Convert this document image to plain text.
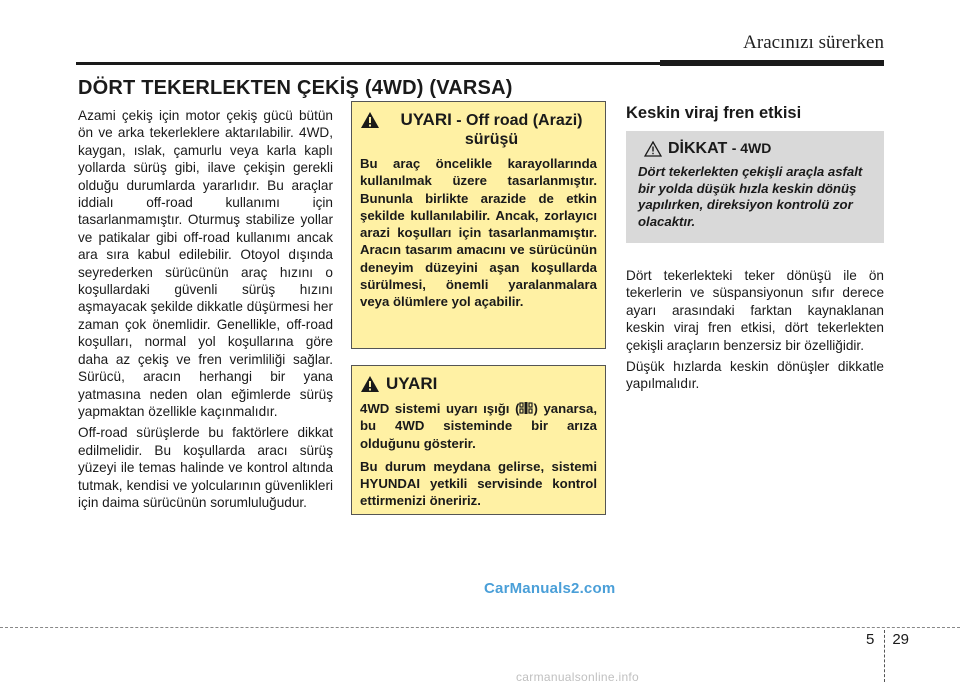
Aracınızı sürerken
DÖRT TEKERLEKTEN ÇEKİŞ (4WD) (VARSA)

Azami çekiş için motor çekiş gücü bütün ön ve arka tekerleklere aktarılabilir. 4WD, kaygan, ıslak, çamurlu veya karla kaplı yollarda sürüş gibi, ilave çekişin gerekli olduğu durumlarda yararlıdır. Bu araçlar iddialı off-road kullanımı için tasarlanmamıştır. Oturmuş stabilize yollar ve patikalar gibi off-road kullanımı ancak ara sıra kabul edilebilir. Otoyol dışında seyrederken sürücünün araç hızını o koşullardaki güvenli sürüş hızını aşmayacak şekilde dikkatle düşürmesi her zaman çok önemlidir. Genellikle, off-road koşulları, normal yol koşullarına göre daha az çekiş ve fren verimliliği sağlar. Sürücü, aracın herhangi bir yana yatmasına neden olan eğimlerde sürüş yapmaktan özellikle kaçınmalıdır.

Off-road sürüşlerde bu faktörlere dikkat edilmelidir. Bu koşullarda aracı sürüş yüzeyi ile temas halinde ve kontrol altında tutmak, kendisi ve yolcularının güvenlikleri için daima sürücünün sorumluluğudur.

UYARI - Off road (Arazi) sürüşü

Bu araç öncelikle karayollarında kullanılmak üzere tasarlanmıştır. Bununla birlikte arazide de etkin şekilde kullanılabilir. Ancak, zorlayıcı arazi koşulları için tasarlanmamıştır. Aracın tasarım amacını ve sürücünün deneyim düzeyini aşan koşullarda sürülmesi, önemli yaralanmalara veya ölümlere yol açabilir.

UYARI

4WD sistemi uyarı ışığı ( ) yanarsa, bu 4WD sisteminde bir arıza olduğunu gösterir.

Bu durum meydana gelirse, sistemi HYUNDAI yetkili servisinde kontrol ettirmenizi öneririz.

Keskin viraj fren etkisi
DİKKAT - 4WD
Dört tekerlekten çekişli araçla asfalt bir yolda düşük hızla keskin dönüş yapılırken, direksiyon kontrolü zor olacaktır.

Dört tekerlekteki teker dönüşü ile ön tekerlerin ve süspansiyonun sıfır derece ayarı arasındaki farktan kaynaklanan keskin viraj fren etkisi, dört tekerlekten çekişli araçların benzersiz bir özelliğidir.

Düşük hızlarda keskin dönüşler dikkatle yapılmalıdır.

CarManuals2.com
5 29
carmanualsonline.info
